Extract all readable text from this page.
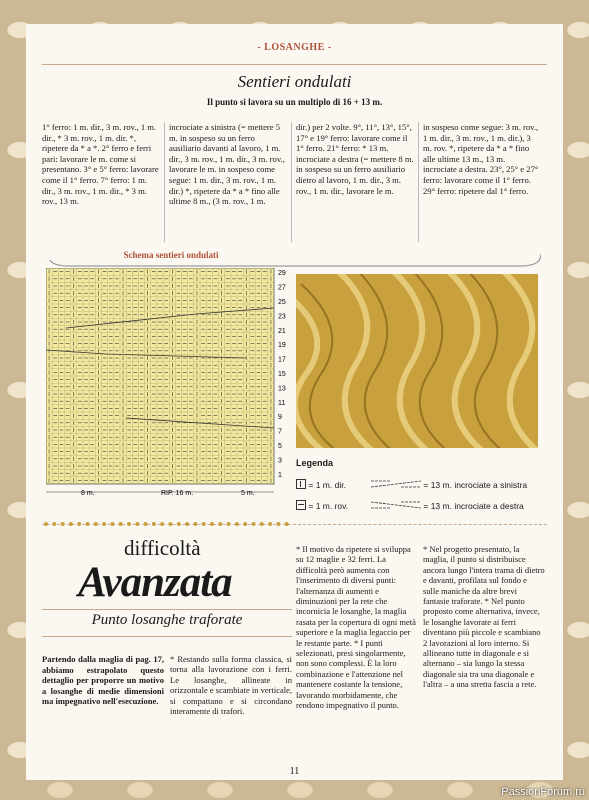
- LOSANGHE -
Sentieri ondulati
Il punto si lavora su un multiplo di 16 + 13 m.
1° ferro: 1 m. dir., 3 m. rov., 1 m. dir., * 3 m. rov., 1 m. dir. *, ripetere da * a *. 2° ferro e ferri pari: lavorare le m. come si presentano. 3° e 5° ferro: lavorare come il 1° ferro. 7° ferro: 1 m. dir., 3 m. rov., 1 m. dir., * 3 m. rov., 13 m.
incrociate a sinistra (= mettere 5 m. in sospeso su un ferro ausiliario davanti al lavoro, 1 m. dir., 3 m. rov., 1 m. dir., 3 m. rov., lavorare le m. in sospeso come segue: 1 m. dir., 3 m. rov., 1 m. dir.) *, ripetere da * a * fino alle ultime 8 m., (3 m. rov., 1 m.
dir.) per 2 volte. 9°, 11°, 13°, 15°, 17° e 19° ferro: lavorare come il 1° ferro. 21° ferro: * 13 m. incrociate a destra (= mettere 8 m. in sospeso su un ferro ausiliario dietro al lavoro, 1 m. dir., 3 m. rov., 1 m. dir., lavorare le m.
in sospeso come segue: 3 m. rov., 1 m. dir., 3 m. rov., 1 m. dir.), 3 m. rov. *, ripetere da * a * fino alle ultime 13 m., 13 m. incrociate a destra. 23°, 25° e 27° ferro: lavorare come il 1° ferro. 29° ferro: ripetere dal 1° ferro.
Schema sentieri ondulati
8 m.	RIP. 16 m.	5 m.
29
27
25
23
21
19
17
15
13
11
9
7
5
3
1
Legenda
= 1 m. dir.
= 1 m. rov.
= 13 m. incrociate a sinistra
= 13 m. incrociate a destra
difficoltà
Avanzata
Punto losanghe traforate
Partendo dalla maglia di pag. 17, abbiamo estrapolato questo dettaglio per proporre un motivo a losanghe di medie dimensioni ma impegnativo nell'esecuzione.
* Restando sulla forma classica, si torna alla lavorazione con i ferri. Le losanghe, allineate in orizzontale e scambiate in verticale, si compattano e si circondano interamente di trafori.
* Il motivo da ripetere si sviluppa su 12 maglie e 32 ferri. La difficoltà però aumenta con l'inserimento di diversi punti: l'alternanza di aumenti e diminuzioni per la rete che incornicia le losanghe, la maglia rasata per la copertura di ogni metà superiore e la maglia legaccio per le restante parte. * I punti selezionati, presi singolarmente, non sono complessi. È la loro combinazione e l'attenzione nel mantenere costante la tensione, lavorando morbidamente, che rendono impegnativo il punto.
* Nel progetto presentato, la maglia, il punto si distribuisce ancora lungo l'intera trama di dietro e davanti, profilata sul fondo e sulle maniche da altre brevi fantasie traforate. * Nel punto proposto come alternativa, invece, le losanghe lavorate ai ferri diventano più piccole e scambiano 2 lavorazioni al loro interno. Si allineano tutte in diagonale e si alternano – sia lungo la stessa diagonale sia tra una diagonale e l'altra – a una stretta fascia a rete.
11
PassionForum.ru
